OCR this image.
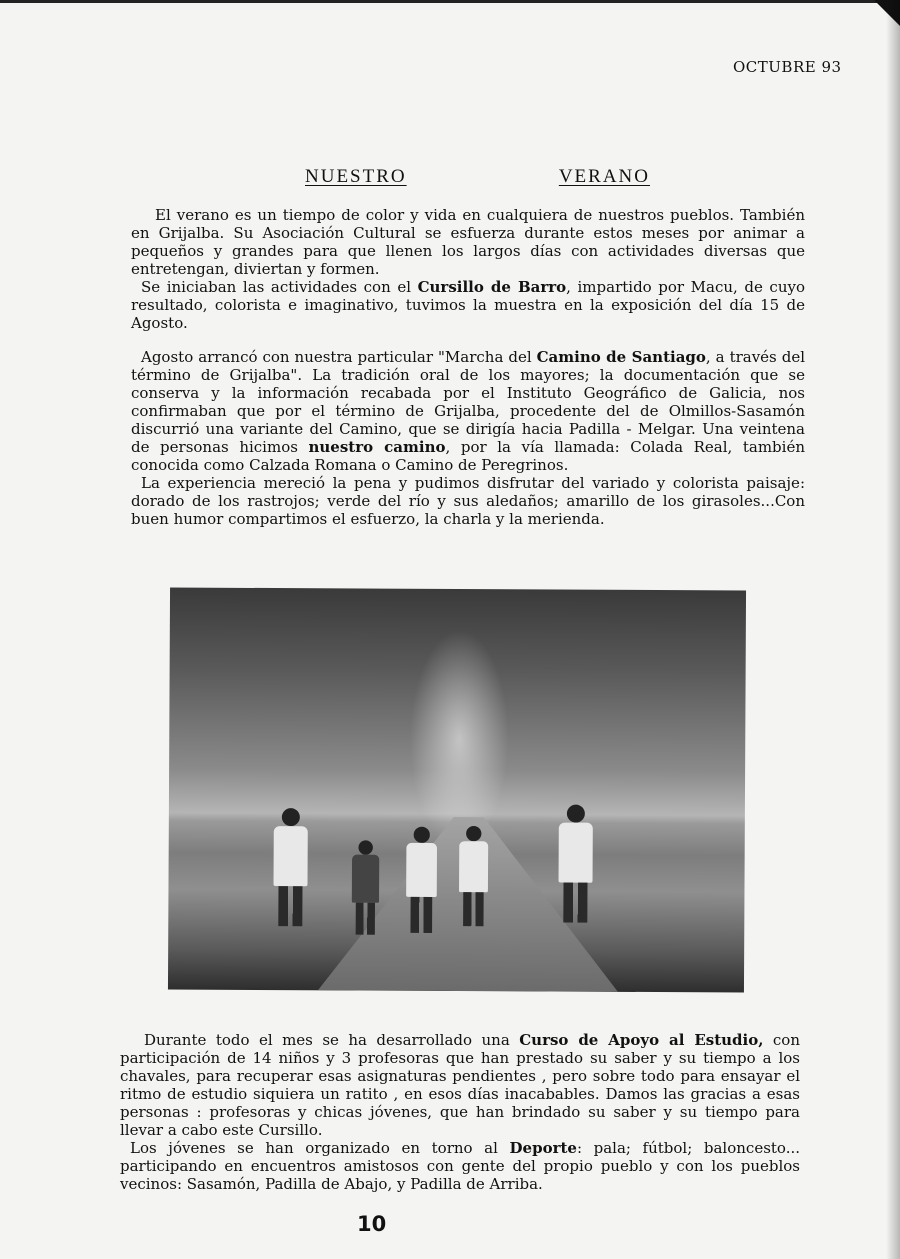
OCTUBRE 93
NUESTRO	VERANO

El verano es un tiempo de color y vida en cualquiera de nuestros pueblos. También en Grijalba. Su Asociación Cultural se esfuerza durante estos meses por animar a pequeños y grandes para que llenen los largos días con actividades diversas que entretengan, diviertan y formen.

Se iniciaban las actividades con el Cursillo de Barro, impartido por Macu, de cuyo resultado, colorista e imaginativo, tuvimos la muestra en la exposición del día 15 de Agosto.

Agosto arrancó con nuestra particular "Marcha del Camino de Santiago, a través del término de Grijalba". La tradición oral de los mayores; la documentación que se conserva y la información recabada por el Instituto Geográfico de Galicia, nos confirmaban que por el término de Grijalba, procedente del de Olmillos-Sasamón discurrió una variante del Camino, que se dirigía hacia Padilla - Melgar. Una veintena de personas hicimos nuestro camino, por la vía llamada: Colada Real, también conocida como Calzada Romana o Camino de Peregrinos.

La experiencia mereció la pena y pudimos disfrutar del variado y colorista paisaje: dorado de los rastrojos; verde del río y sus aledaños; amarillo de los girasoles...Con buen humor compartimos el esfuerzo, la charla y la merienda.

Durante todo el mes se ha desarrollado una Curso de Apoyo al Estudio, con participación de 14 niños y 3 profesoras que han prestado su saber y su tiempo a los chavales, para recuperar esas asignaturas pendientes , pero sobre todo para ensayar el ritmo de estudio siquiera un ratito , en esos días inacabables. Damos las gracias a esas personas : profesoras y chicas jóvenes, que han brindado su saber y su tiempo para llevar a cabo este Cursillo.

Los jóvenes se han organizado en torno al Deporte: pala; fútbol; baloncesto... participando en encuentros amistosos con gente del propio pueblo y con los pueblos vecinos: Sasamón, Padilla de Abajo, y Padilla de Arriba.

10
